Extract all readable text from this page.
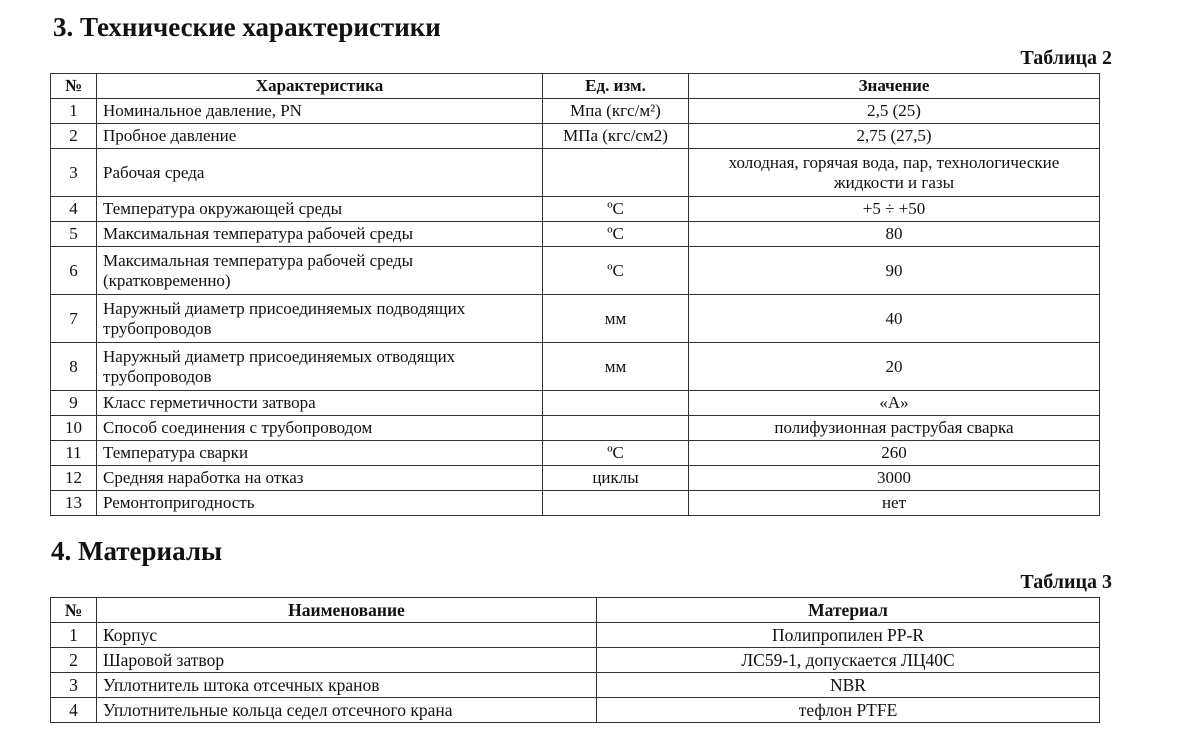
3. Технические характеристики
Таблица 2
№	Характеристика	Ед. изм.	Значение
1	Номинальное давление, PN	Мпа (кгс/м²)	2,5 (25)
2	Пробное давление	МПа (кгс/см2)	2,75 (27,5)
3	Рабочая среда		холодная, горячая вода, пар, технологические жидкости и газы
4	Температура окружающей среды	ºC	+5 ÷ +50
5	Максимальная температура рабочей среды	ºC	80
6	Максимальная температура рабочей среды (кратковременно)	ºC	90
7	Наружный диаметр присоединяемых подводящих трубопроводов	мм	40
8	Наружный диаметр присоединяемых отводящих трубопроводов	мм	20
9	Класс герметичности затвора		«А»
10	Способ соединения с трубопроводом		полифузионная раструбая сварка
11	Температура сварки	ºC	260
12	Средняя наработка на отказ	циклы	3000
13	Ремонтопригодность		нет
4. Материалы
Таблица 3
№	Наименование	Материал
1	Корпус	Полипропилен PP-R
2	Шаровой затвор	ЛС59-1, допускается ЛЦ40С
3	Уплотнитель штока отсечных кранов	NBR
4	Уплотнительные кольца седел отсечного крана	тефлон PTFE
